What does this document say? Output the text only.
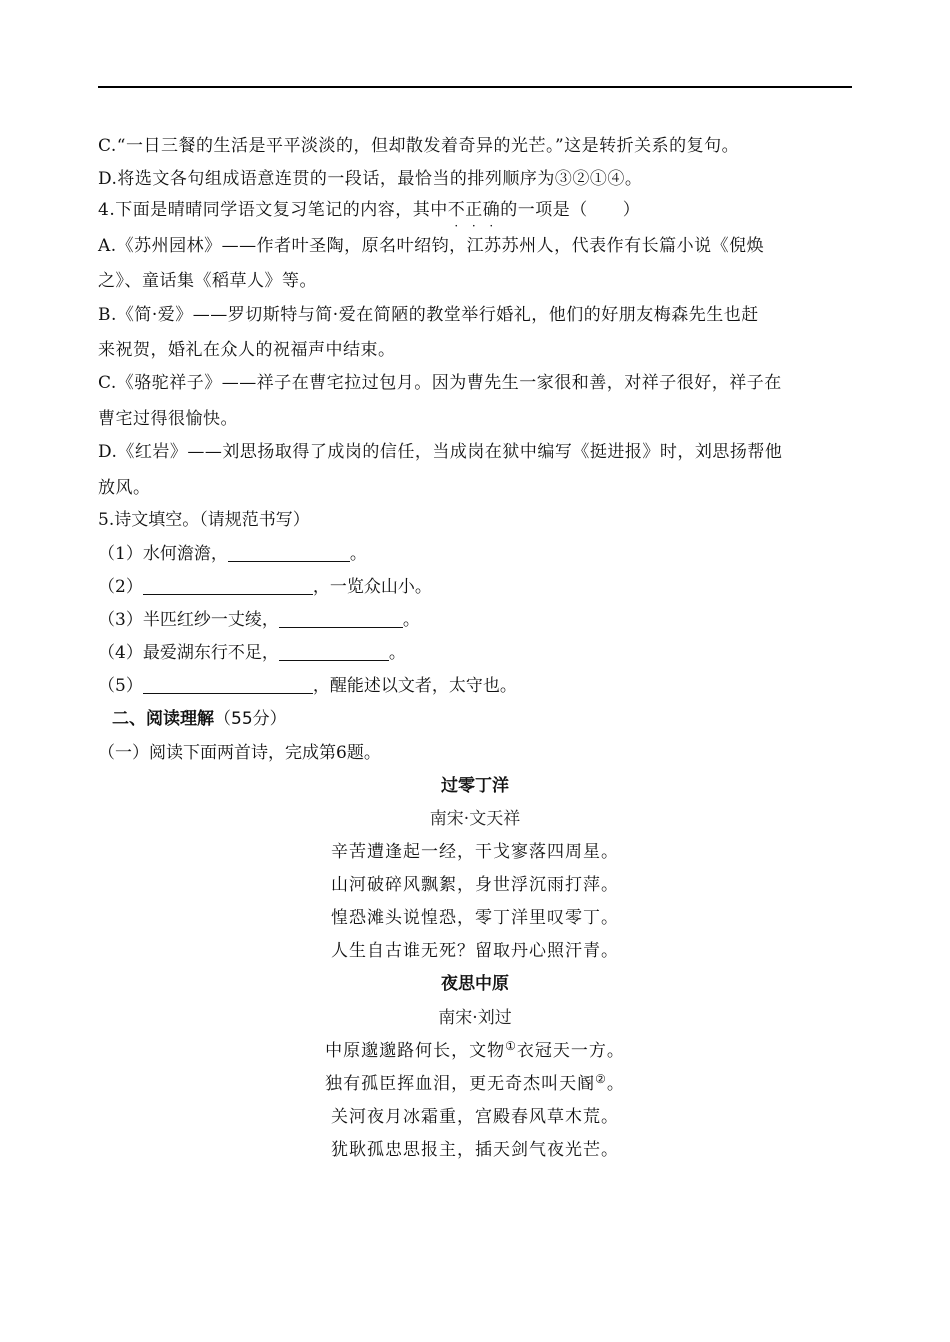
C.“一日三餐的生活是平平淡淡的，但却散发着奇异的光芒。”这是转折关系的复句。
D.将选文各句组成语意连贯的一段话，最恰当的排列顺序为③②①④。
4.下面是晴晴同学语文复习笔记的内容，其中不
·
正
·
确
·
的一项是（　　）
A.《苏州园林》——作者叶圣陶，原名叶绍钧，江苏苏州人，代表作有长篇小说《倪焕
之》、童话集《稻草人》等。
B.《简·爱》——罗切斯特与简·爱在简陋的教堂举行婚礼，他们的好朋友梅森先生也赶
来祝贺，婚礼在众人的祝福声中结束。
C.《骆驼祥子》——祥子在曹宅拉过包月。因为曹先生一家很和善，对祥子很好，祥子在
曹宅过得很愉快。
D.《红岩》——刘思扬取得了成岗的信任，当成岗在狱中编写《挺进报》时，刘思扬帮他
放风。
5.诗文填空。（请规范书写）
（1）水何澹澹，	。
（2）	，一览众山小。
（3）半匹红纱一丈绫，	。
（4）最爱湖东行不足，	。
（5）	，醒能述以文者，太守也。
二、阅读理解（55分）
（一）阅读下面两首诗，完成第6题。
过零丁洋
南宋·文天祥
辛苦遭逢起一经，干戈寥落四周星。
山河破碎风飘絮，身世浮沉雨打萍。
惶恐滩头说惶恐，零丁洋里叹零丁。
人生自古谁无死？留取丹心照汗青。
夜思中原
南宋·刘过
中原邈邈路何长，文物①衣冠天一方。
独有孤臣挥血泪，更无奇杰叫天阍②。
关河夜月冰霜重，宫殿春风草木荒。
犹耿孤忠思报主，插天剑气夜光芒。
